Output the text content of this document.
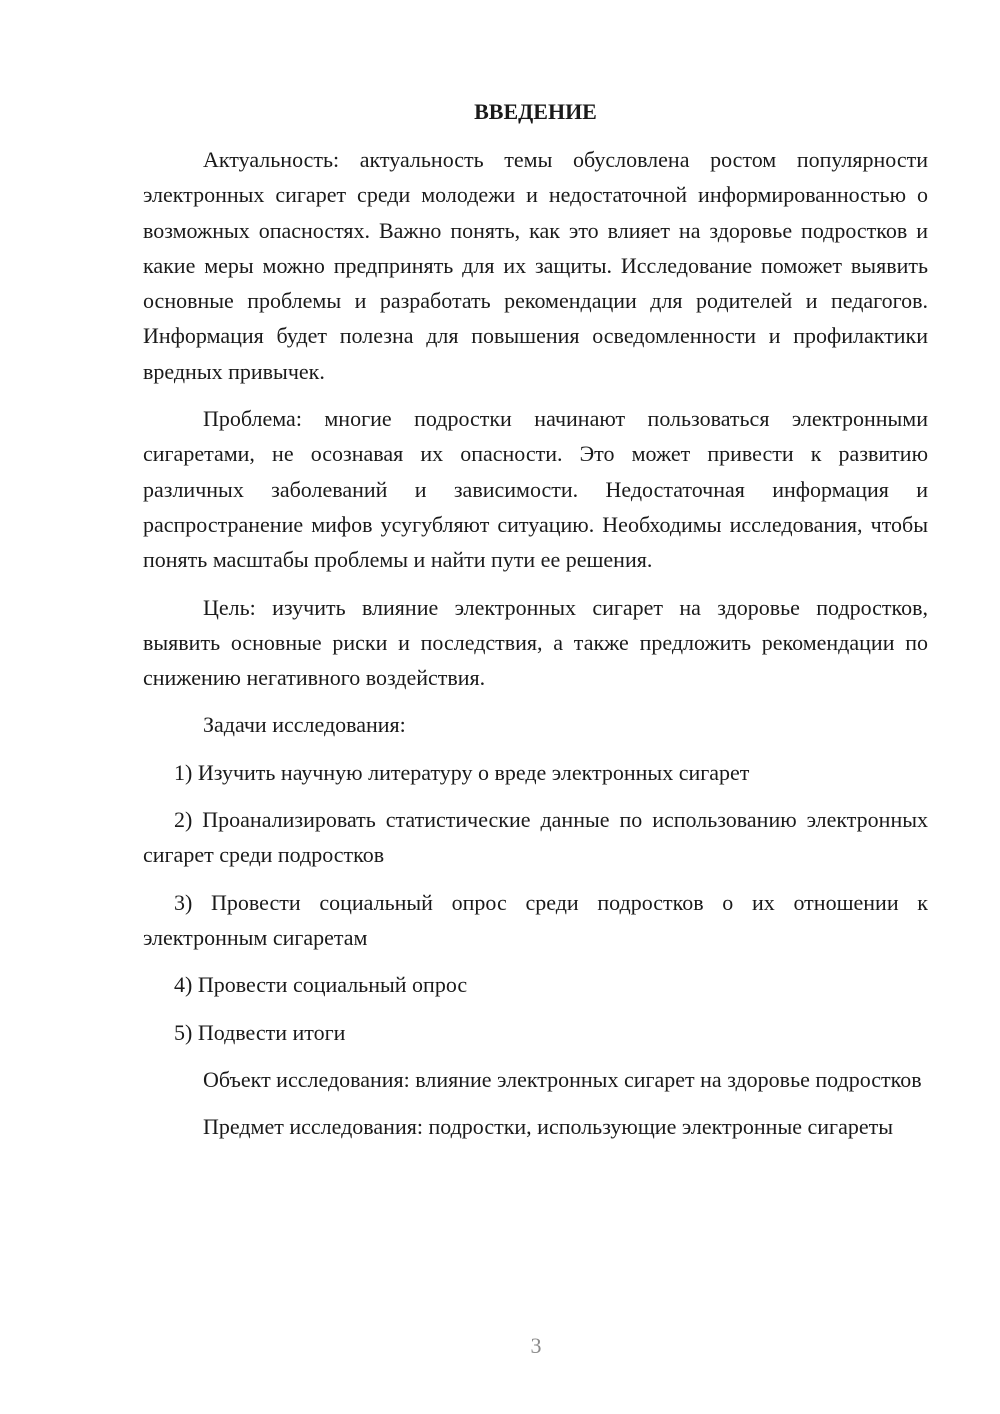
ВВЕДЕНИЕ

Актуальность: актуальность темы обусловлена ростом популярности электронных сигарет среди молодежи и недостаточной информированностью о возможных опасностях. Важно понять, как это влияет на здоровье подростков и какие меры можно предпринять для их защиты. Исследование поможет выявить основные проблемы и разработать рекомендации для родителей и педагогов. Информация будет полезна для повышения осведомленности и профилактики вредных привычек.

Проблема: многие подростки начинают пользоваться электронными сигаретами, не осознавая их опасности. Это может привести к развитию различных заболеваний и зависимости. Недостаточная информация и распространение мифов усугубляют ситуацию. Необходимы исследования, чтобы понять масштабы проблемы и найти пути ее решения.

Цель: изучить влияние электронных сигарет на здоровье подростков, выявить основные риски и последствия, а также предложить рекомендации по снижению негативного воздействия.

Задачи исследования:

1) Изучить научную литературу о вреде электронных сигарет

2) Проанализировать статистические данные по использованию электронных сигарет среди подростков

3) Провести социальный опрос среди подростков о их отношении к электронным сигаретам

4) Провести социальный опрос

5) Подвести итоги

Объект исследования: влияние электронных сигарет на здоровье подростков

Предмет исследования: подростки, использующие электронные сигареты

3
